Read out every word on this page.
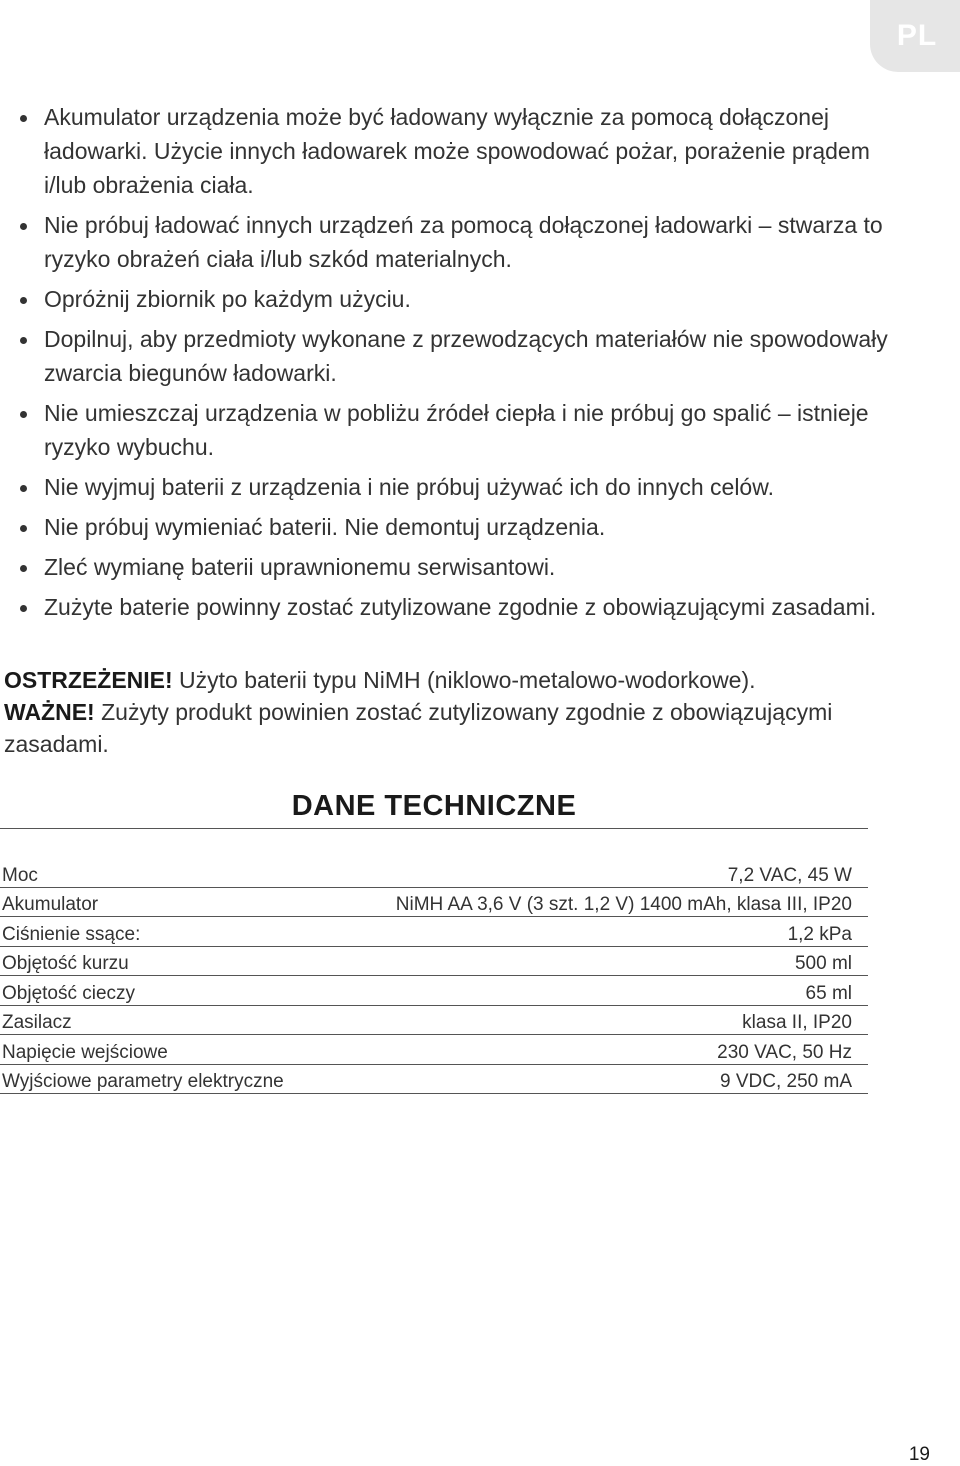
PL
Akumulator urządzenia może być ładowany wyłącznie za pomocą dołączonej ładowarki. Użycie innych ładowarek może spowodować pożar, porażenie prądem i/lub obrażenia ciała.
Nie próbuj ładować innych urządzeń za pomocą dołączonej ładowarki – stwarza to ryzyko obrażeń ciała i/lub szkód materialnych.
Opróżnij zbiornik po każdym użyciu.
Dopilnuj, aby przedmioty wykonane z przewodzących materiałów nie spowodowały zwarcia biegunów ładowarki.
Nie umieszczaj urządzenia w pobliżu źródeł ciepła i nie próbuj go spalić – istnieje ryzyko wybuchu.
Nie wyjmuj baterii z urządzenia i nie próbuj używać ich do innych celów.
Nie próbuj wymieniać baterii. Nie demontuj urządzenia.
Zleć wymianę baterii uprawnionemu serwisantowi.
Zużyte baterie powinny zostać zutylizowane zgodnie z obowiązującymi zasadami.

OSTRZEŻENIE! Użyto baterii typu NiMH (niklowo-metalowo-wodorkowe).

WAŻNE! Zużyty produkt powinien zostać zutylizowany zgodnie z obowiązującymi zasadami.

DANE TECHNICZNE
Moc	7,2 VAC, 45 W
Akumulator	NiMH AA 3,6 V (3 szt. 1,2 V) 1400 mAh, klasa III, IP20
Ciśnienie ssące:	1,2 kPa
Objętość kurzu	500 ml
Objętość cieczy	65 ml
Zasilacz	klasa II, IP20
Napięcie wejściowe	230 VAC, 50 Hz
Wyjściowe parametry elektryczne	9 VDC, 250 mA
19
